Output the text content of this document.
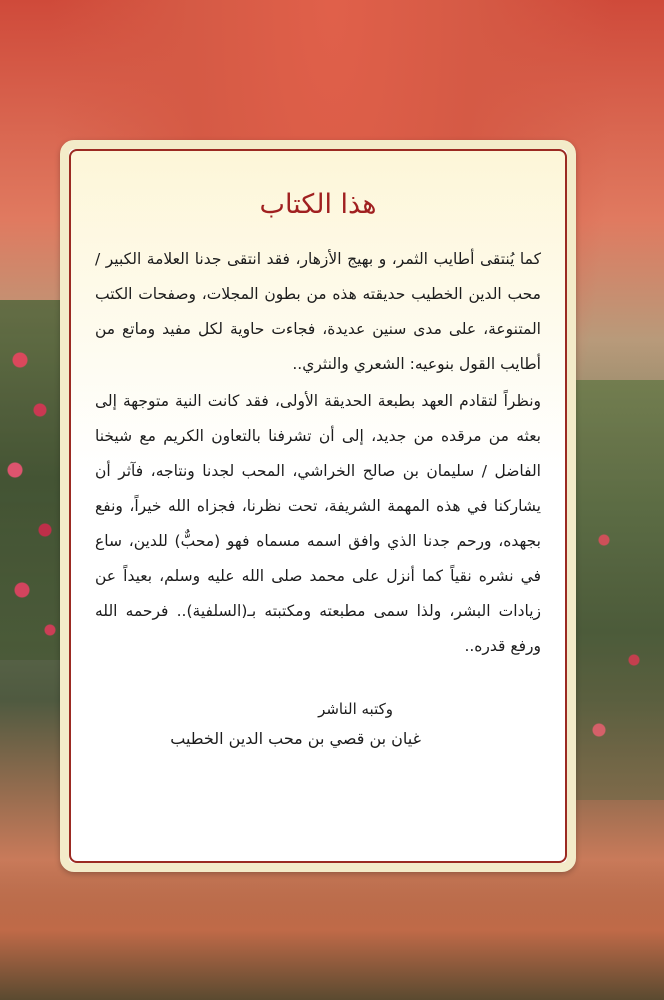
هذا الكتاب

كما يُنتقى أطايب الثمر، و بهيج الأزهار، فقد انتقى جدنا العلامة الكبير / محب الدين الخطيب حديقته هذه من بطون المجلات، وصفحات الكتب المتنوعة، على مدى سنين عديدة، فجاءت حاوية لكل مفيد وماتع من أطايب القول بنوعيه: الشعري والنثري..

ونظراً لتقادم العهد بطبعة الحديقة الأولى، فقد كانت النية متوجهة إلى بعثه من مرقده من جديد، إلى أن تشرفنا بالتعاون الكريم مع شيخنا الفاضل / سليمان بن صالح الخراشي، المحب لجدنا ونتاجه، فآثر أن يشاركنا في هذه المهمة الشريفة، تحت نظرنا، فجزاه الله خيراً، ونفع بجهده، ورحم جدنا الذي وافق اسمه مسماه فهو (محبٌّ) للدين، ساع في نشره نقياً كما أنزل على محمد صلى الله عليه وسلم، بعيداً عن زيادات البشر، ولذا سمى مطبعته ومكتبته بـ(السلفية).. فرحمه الله ورفع قدره..

وكتبه الناشر
غيان بن قصي بن محب الدين الخطيب
